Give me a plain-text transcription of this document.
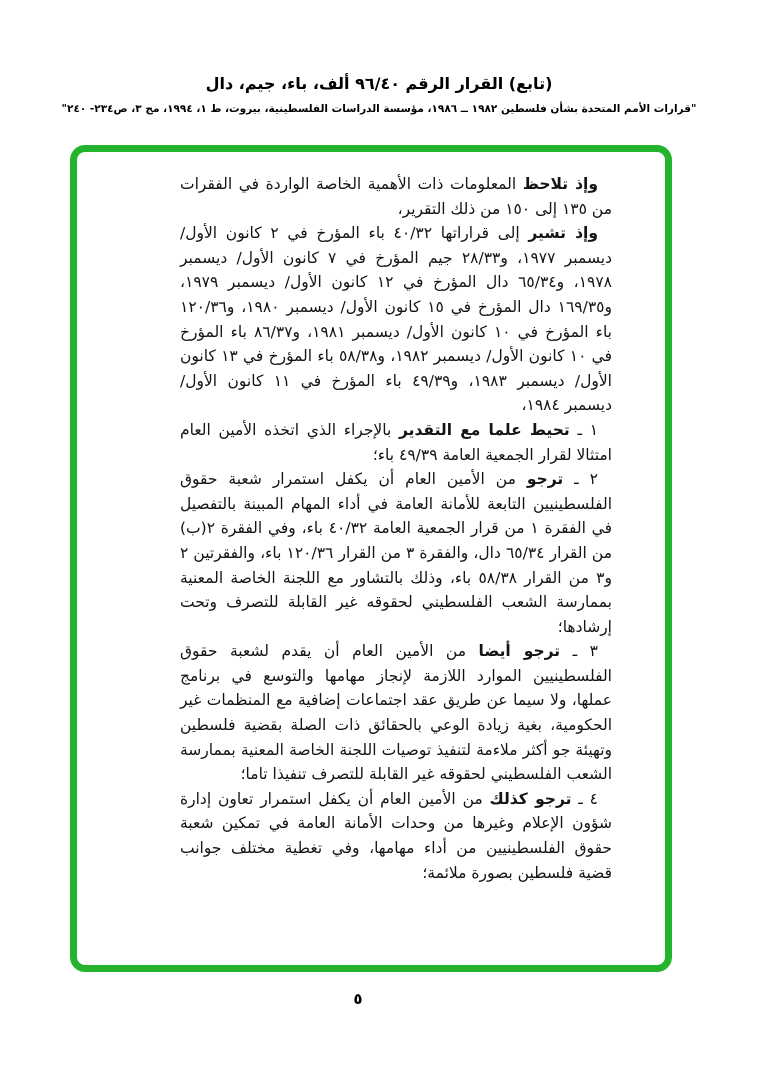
(تابع) القرار الرقم ٩٦/٤٠ ألف، باء، جيم، دال
"قرارات الأمم المتحدة بشأن فلسطين ١٩٨٢ ــ ١٩٨٦، مؤسسة الدراسات الفلسطينية، بيروت، ط ١، ١٩٩٤، مج ٣، ص٢٣٤- ٢٤٠"

وإذ تلاحظ المعلومات ذات الأهمية الخاصة الواردة في الفقرات من ١٣٥ إلى ١٥٠ من ذلك التقرير،

وإذ تشير إلى قراراتها ٤٠/٣٢ باء المؤرخ في ٢ كانون الأول/ ديسمبر ١٩٧٧، و٢٨/٣٣ جيم المؤرخ في ٧ كانون الأول/ ديسمبر ١٩٧٨، و٦٥/٣٤ دال المؤرخ في ١٢ كانون الأول/ ديسمبر ١٩٧٩، و١٦٩/٣٥ دال المؤرخ في ١٥ كانون الأول/ ديسمبر ١٩٨٠، و١٢٠/٣٦ باء المؤرخ في ١٠ كانون الأول/ ديسمبر ١٩٨١، و٨٦/٣٧ باء المؤرخ في ١٠ كانون الأول/ ديسمبر ١٩٨٢، و٥٨/٣٨ باء المؤرخ في ١٣ كانون الأول/ ديسمبر ١٩٨٣، و٤٩/٣٩ باء المؤرخ في ١١ كانون الأول/ ديسمبر ١٩٨٤،

١ ـ تحيط علما مع التقدير بالإجراء الذي اتخذه الأمين العام امتثالا لقرار الجمعية العامة ٤٩/٣٩ باء؛

٢ ـ ترجو من الأمين العام أن يكفل استمرار شعبة حقوق الفلسطينيين التابعة للأمانة العامة في أداء المهام المبينة بالتفصيل في الفقرة ١ من قرار الجمعية العامة ٤٠/٣٢ باء، وفي الفقرة ٢(ب) من القرار ٦٥/٣٤ دال، والفقرة ٣ من القرار ١٢٠/٣٦ باء، والفقرتين ٢ و٣ من القرار ٥٨/٣٨ باء، وذلك بالتشاور مع اللجنة الخاصة المعنية بممارسة الشعب الفلسطيني لحقوقه غير القابلة للتصرف وتحت إرشادها؛

٣ ـ ترجو أيضا من الأمين العام أن يقدم لشعبة حقوق الفلسطينيين الموارد اللازمة لإنجاز مهامها والتوسع في برنامج عملها، ولا سيما عن طريق عقد اجتماعات إضافية مع المنظمات غير الحكومية، بغية زيادة الوعي بالحقائق ذات الصلة بقضية فلسطين وتهيئة جو أكثر ملاءمة لتنفيذ توصيات اللجنة الخاصة المعنية بممارسة الشعب الفلسطيني لحقوقه غير القابلة للتصرف تنفيذا تاما؛

٤ ـ ترجو كذلك من الأمين العام أن يكفل استمرار تعاون إدارة شؤون الإعلام وغيرها من وحدات الأمانة العامة في تمكين شعبة حقوق الفلسطينيين من أداء مهامها، وفي تغطية مختلف جوانب قضية فلسطين بصورة ملائمة؛

٥
